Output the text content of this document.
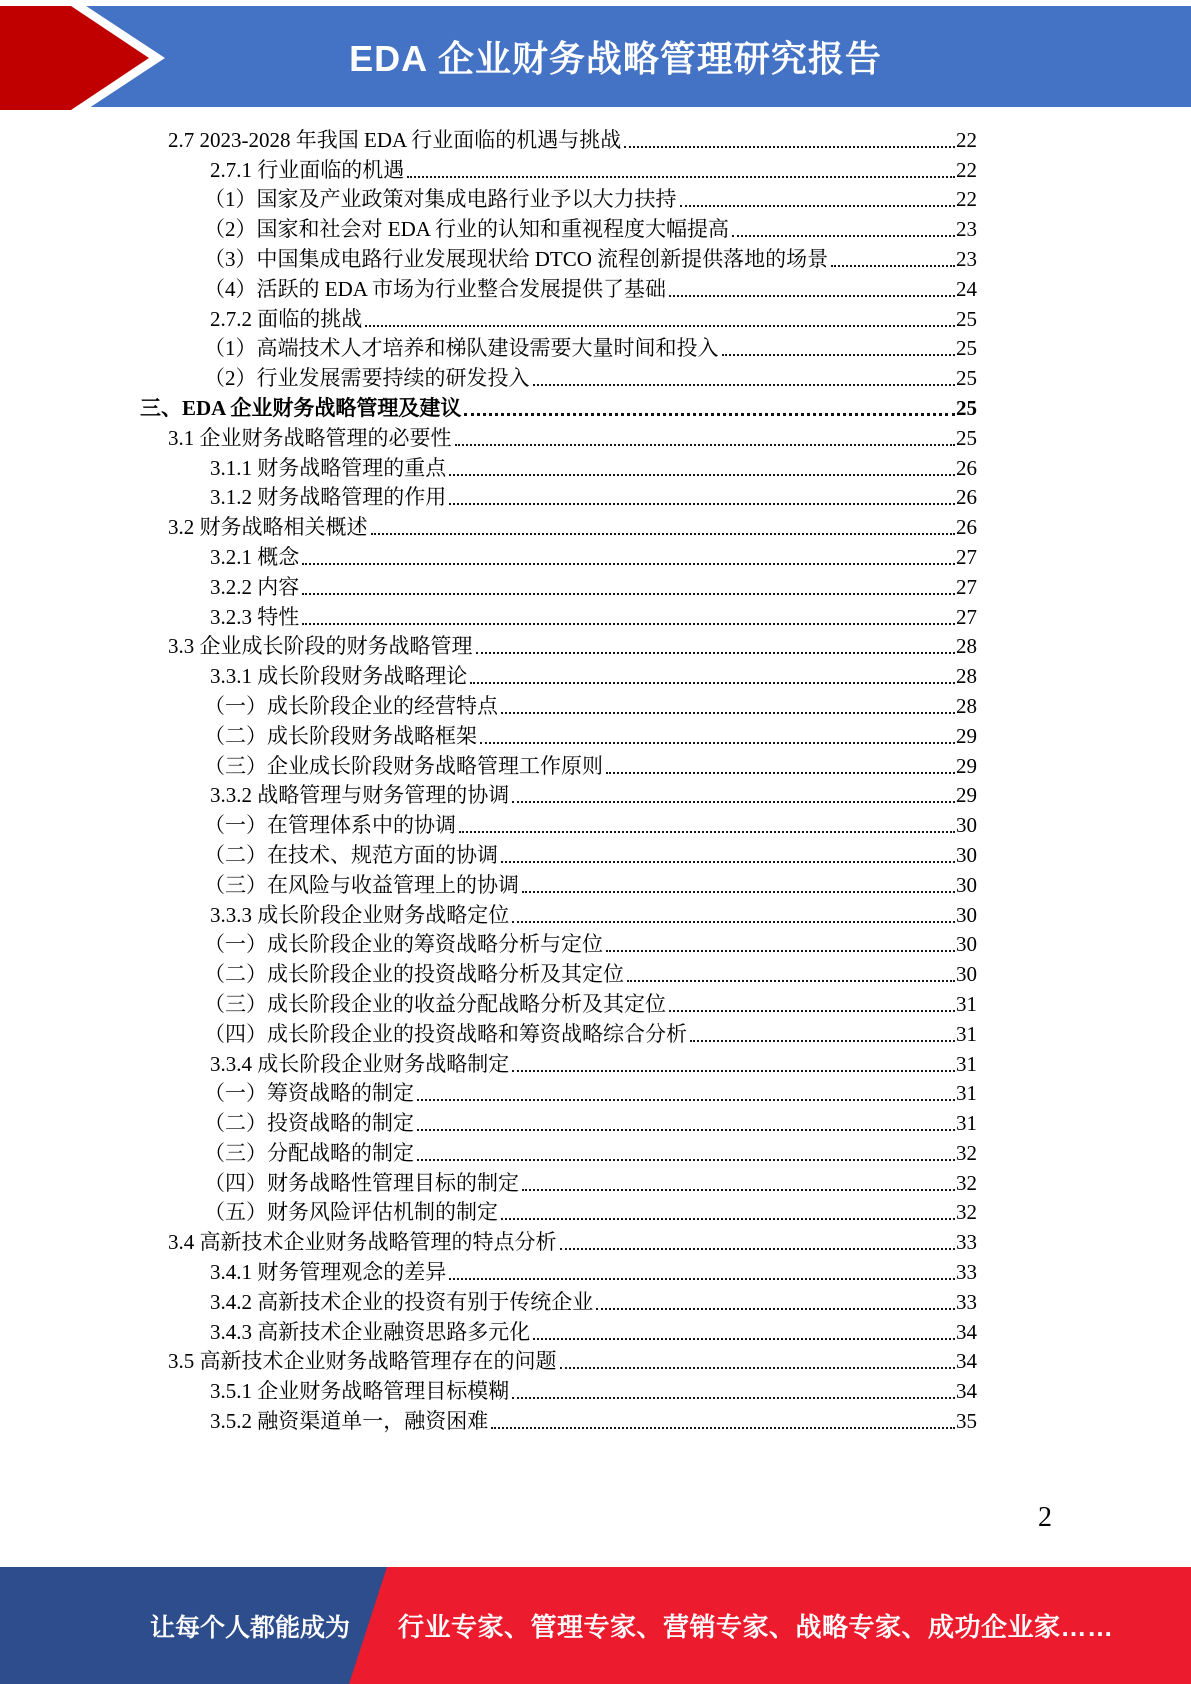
EDA 企业财务战略管理研究报告
2.7 2023-2028 年我国 EDA 行业面临的机遇与挑战	22
2.7.1 行业面临的机遇	22
（1）国家及产业政策对集成电路行业予以大力扶持	22
（2）国家和社会对 EDA 行业的认知和重视程度大幅提高	23
（3）中国集成电路行业发展现状给 DTCO 流程创新提供落地的场景	23
（4）活跃的 EDA 市场为行业整合发展提供了基础	24
2.7.2 面临的挑战	25
（1）高端技术人才培养和梯队建设需要大量时间和投入	25
（2）行业发展需要持续的研发投入	25
三、EDA 企业财务战略管理及建议	25
3.1 企业财务战略管理的必要性	25
3.1.1 财务战略管理的重点	26
3.1.2 财务战略管理的作用	26
3.2 财务战略相关概述	26
3.2.1 概念	27
3.2.2 内容	27
3.2.3 特性	27
3.3 企业成长阶段的财务战略管理	28
3.3.1 成长阶段财务战略理论	28
（一）成长阶段企业的经营特点	28
（二）成长阶段财务战略框架	29
（三）企业成长阶段财务战略管理工作原则	29
3.3.2 战略管理与财务管理的协调	29
（一）在管理体系中的协调	30
（二）在技术、规范方面的协调	30
（三）在风险与收益管理上的协调	30
3.3.3 成长阶段企业财务战略定位	30
（一）成长阶段企业的筹资战略分析与定位	30
（二）成长阶段企业的投资战略分析及其定位	30
（三）成长阶段企业的收益分配战略分析及其定位	31
（四）成长阶段企业的投资战略和筹资战略综合分析	31
3.3.4 成长阶段企业财务战略制定	31
（一）筹资战略的制定	31
（二）投资战略的制定	31
（三）分配战略的制定	32
（四）财务战略性管理目标的制定	32
（五）财务风险评估机制的制定	32
3.4 高新技术企业财务战略管理的特点分析	33
3.4.1 财务管理观念的差异	33
3.4.2 高新技术企业的投资有别于传统企业	33
3.4.3 高新技术企业融资思路多元化	34
3.5 高新技术企业财务战略管理存在的问题	34
3.5.1 企业财务战略管理目标模糊	34
3.5.2 融资渠道单一，融资困难	35
2
让每个人都能成为	行业专家、管理专家、营销专家、战略专家、成功企业家……
